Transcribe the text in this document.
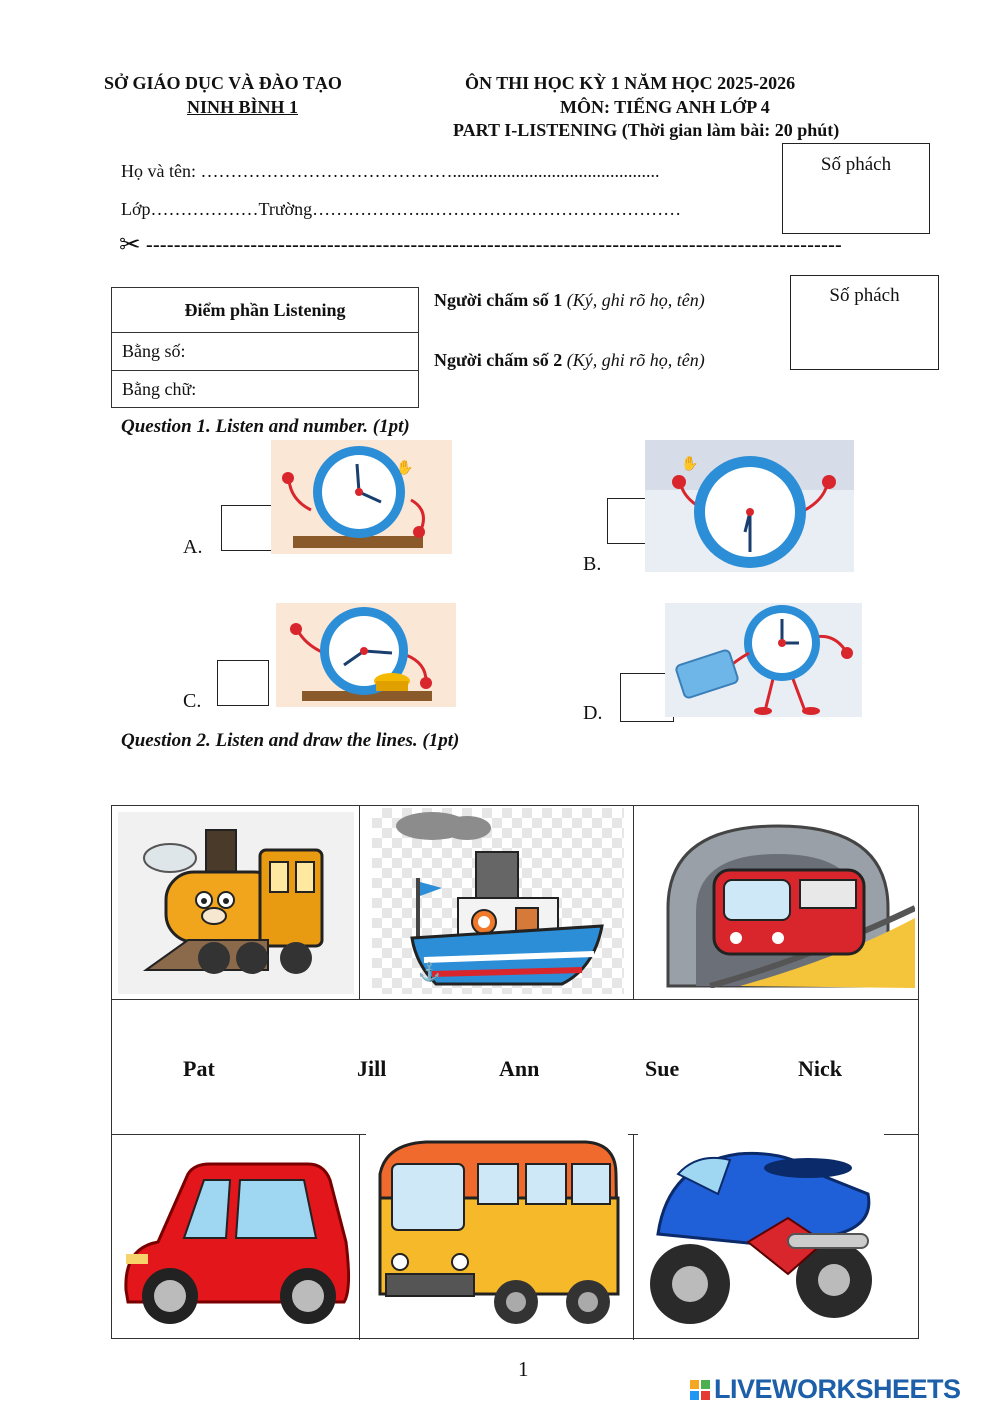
SỞ GIÁO DỤC VÀ ĐÀO TẠO
NINH BÌNH 1
ÔN THI HỌC KỲ 1 NĂM HỌC 2025-2026
MÔN: TIẾNG ANH LỚP 4
PART I-LISTENING (Thời gian làm bài: 20 phút)
Họ và tên: ……………………………………..............................................
Lớp………………Trường………………..……………………………………
Số phách
✂ ----------------------------------------------------------------------------------------------------
Điểm phần Listening
Bằng số:
Bằng chữ:
Người chấm số 1 (Ký, ghi rõ họ, tên)
Người chấm số 2 (Ký, ghi rõ họ, tên)
Số phách
Question 1. Listen and number. (1pt)
A.
✋
B.
✋
C.
D.
Question 2. Listen and draw the lines. (1pt)
⚓
Pat	Jill	Ann	Sue	Nick
1
LIVEWORKSHEETS
